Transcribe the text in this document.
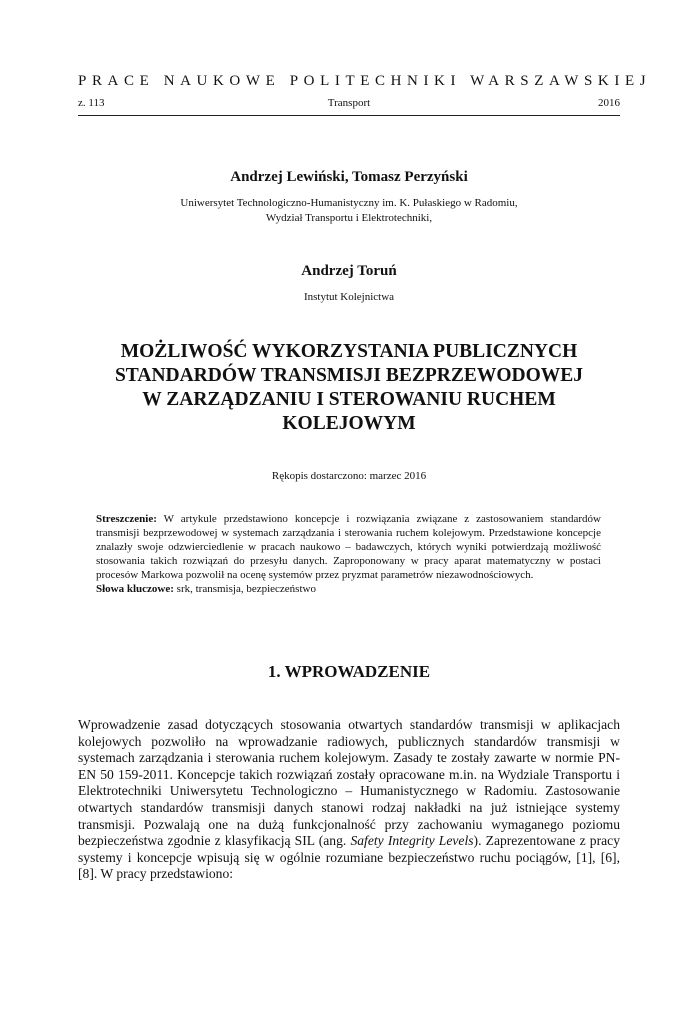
PRACE NAUKOWE POLITECHNIKI WARSZAWSKIEJ
z. 113	Transport	2016
Andrzej Lewiński, Tomasz Perzyński
Uniwersytet Technologiczno-Humanistyczny im. K. Pułaskiego w Radomiu,
Wydział Transportu i Elektrotechniki,
Andrzej Toruń
Instytut Kolejnictwa
MOŻLIWOŚĆ WYKORZYSTANIA PUBLICZNYCH
STANDARDÓW TRANSMISJI BEZPRZEWODOWEJ
W ZARZĄDZANIU I STEROWANIU RUCHEM
KOLEJOWYM
Rękopis dostarczono: marzec 2016
Streszczenie: W artykule przedstawiono koncepcje i rozwiązania związane z zastosowaniem standardów transmisji bezprzewodowej w systemach zarządzania i sterowania ruchem kolejowym. Przedstawione koncepcje znalazły swoje odzwierciedlenie w pracach naukowo – badawczych, których wyniki potwierdzają możliwość stosowania takich rozwiązań do przesyłu danych. Zaproponowany w pracy aparat matematyczny w postaci procesów Markowa pozwolił na ocenę systemów przez pryzmat parametrów niezawodnościowych.
Słowa kluczowe: srk, transmisja, bezpieczeństwo
1. WPROWADZENIE
Wprowadzenie zasad dotyczących stosowania otwartych standardów transmisji w aplikacjach kolejowych pozwoliło na wprowadzanie radiowych, publicznych standardów transmisji w systemach zarządzania i sterowania ruchem kolejowym. Zasady te zostały zawarte w normie PN-EN 50 159-2011. Koncepcje takich rozwiązań zostały opracowane m.in. na Wydziale Transportu i Elektrotechniki Uniwersytetu Technologiczno – Humanistycznego w Radomiu. Zastosowanie otwartych standardów transmisji danych stanowi rodzaj nakładki na już istniejące systemy transmisji. Pozwalają one na dużą funkcjonalność przy zachowaniu wymaganego poziomu bezpieczeństwa zgodnie z klasyfikacją SIL (ang. Safety Integrity Levels). Zaprezentowane z pracy systemy i koncepcje wpisują się w ogólnie rozumiane bezpieczeństwo ruchu pociągów, [1], [6], [8]. W pracy przedstawiono:
